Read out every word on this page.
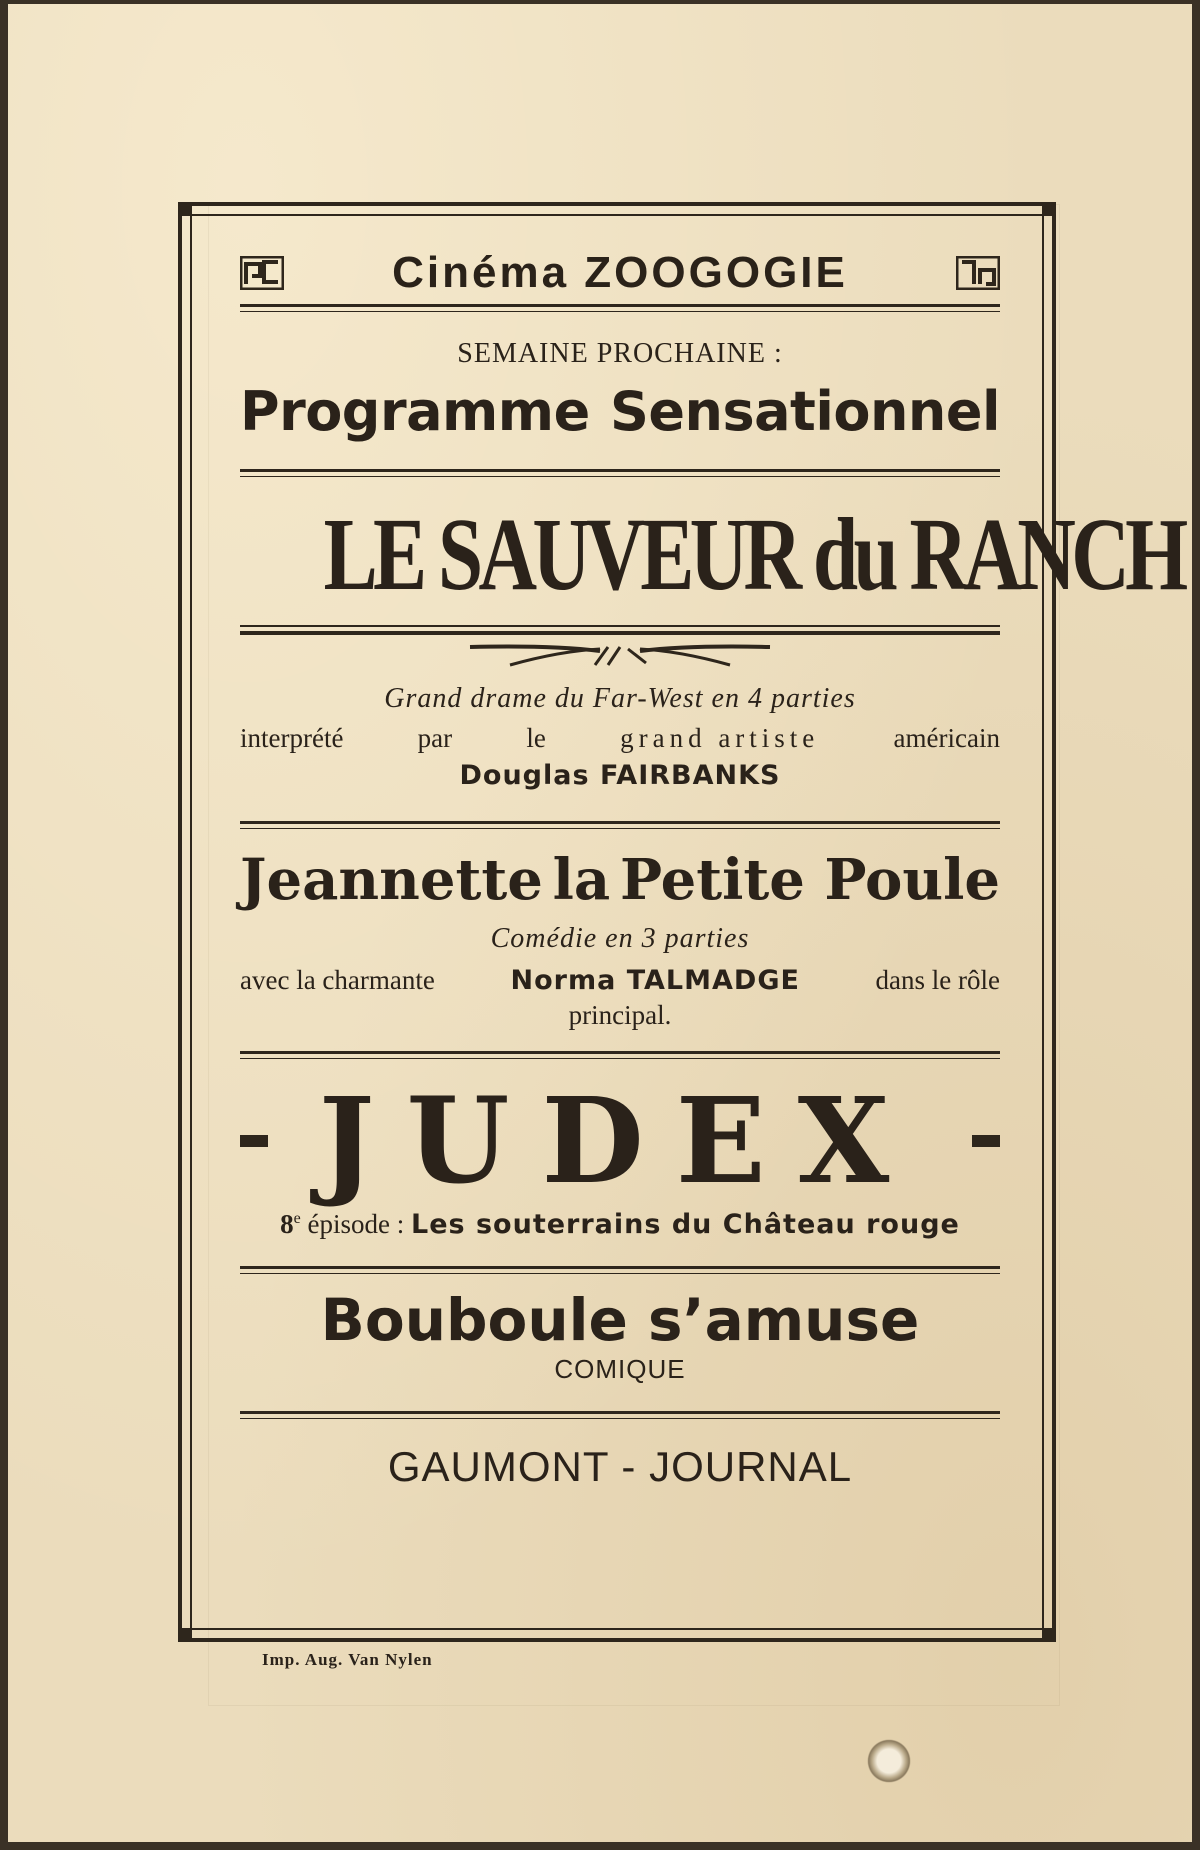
Cinéma ZOOGOGIE
SEMAINE PROCHAINE :
Programme Sensationnel
LE SAUVEUR du RANCH
Grand drame du Far-West en 4 parties
interprété	par	le	grand artiste	américain
Douglas FAIRBANKS
Jeannette la Petite Poule
Comédie en 3 parties
avec la charmante	Norma TALMADGE	dans le rôle
principal.
JUDEX
8e épisode : Les souterrains du Château rouge
Bouboule s’amuse
COMIQUE
GAUMONT - JOURNAL
Imp. Aug. Van Nylen
